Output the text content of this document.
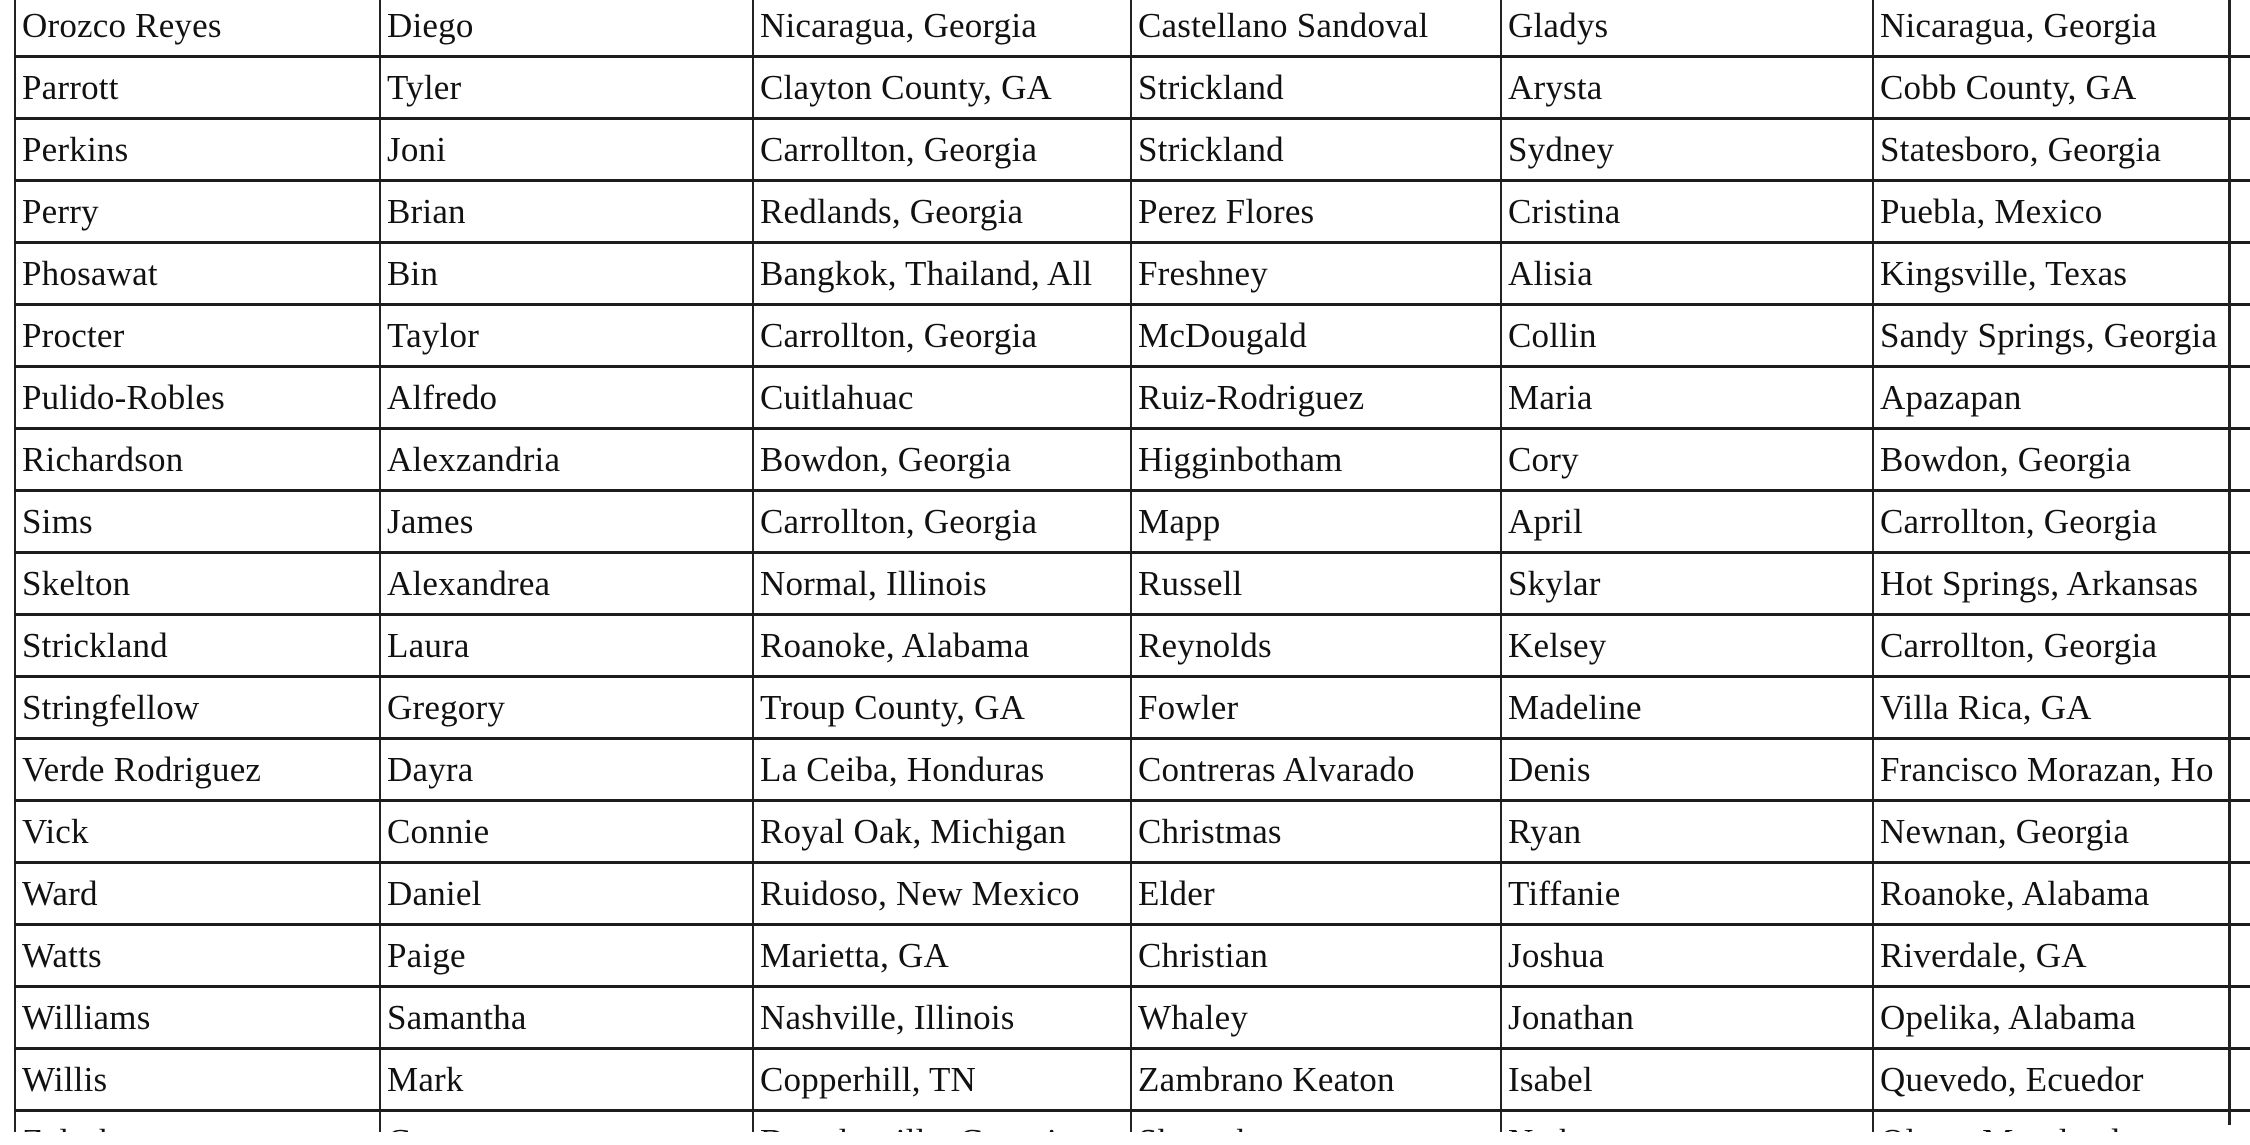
Orozco Reyes	Diego	Nicaragua, Georgia	Castellano Sandoval	Gladys	Nicaragua, Georgia
Parrott	Tyler	Clayton County, GA	Strickland	Arysta	Cobb County, GA
Perkins	Joni	Carrollton, Georgia	Strickland	Sydney	Statesboro, Georgia
Perry	Brian	Redlands, Georgia	Perez Flores	Cristina	Puebla, Mexico
Phosawat	Bin	Bangkok, Thailand, All	Freshney	Alisia	Kingsville, Texas
Procter	Taylor	Carrollton, Georgia	McDougald	Collin	Sandy Springs, Georgia
Pulido-Robles	Alfredo	Cuitlahuac	Ruiz-Rodriguez	Maria	Apazapan
Richardson	Alexzandria	Bowdon, Georgia	Higginbotham	Cory	Bowdon, Georgia
Sims	James	Carrollton, Georgia	Mapp	April	Carrollton, Georgia
Skelton	Alexandrea	Normal, Illinois	Russell	Skylar	Hot Springs, Arkansas
Strickland	Laura	Roanoke, Alabama	Reynolds	Kelsey	Carrollton, Georgia
Stringfellow	Gregory	Troup County, GA	Fowler	Madeline	Villa Rica, GA
Verde Rodriguez	Dayra	La Ceiba, Honduras	Contreras Alvarado	Denis	Francisco Morazan, Ho
Vick	Connie	Royal Oak, Michigan	Christmas	Ryan	Newnan, Georgia
Ward	Daniel	Ruidoso, New Mexico	Elder	Tiffanie	Roanoke, Alabama
Watts	Paige	Marietta, GA	Christian	Joshua	Riverdale, GA
Williams	Samantha	Nashville, Illinois	Whaley	Jonathan	Opelika, Alabama
Willis	Mark	Copperhill, TN	Zambrano Keaton	Isabel	Quevedo, Ecuedor
